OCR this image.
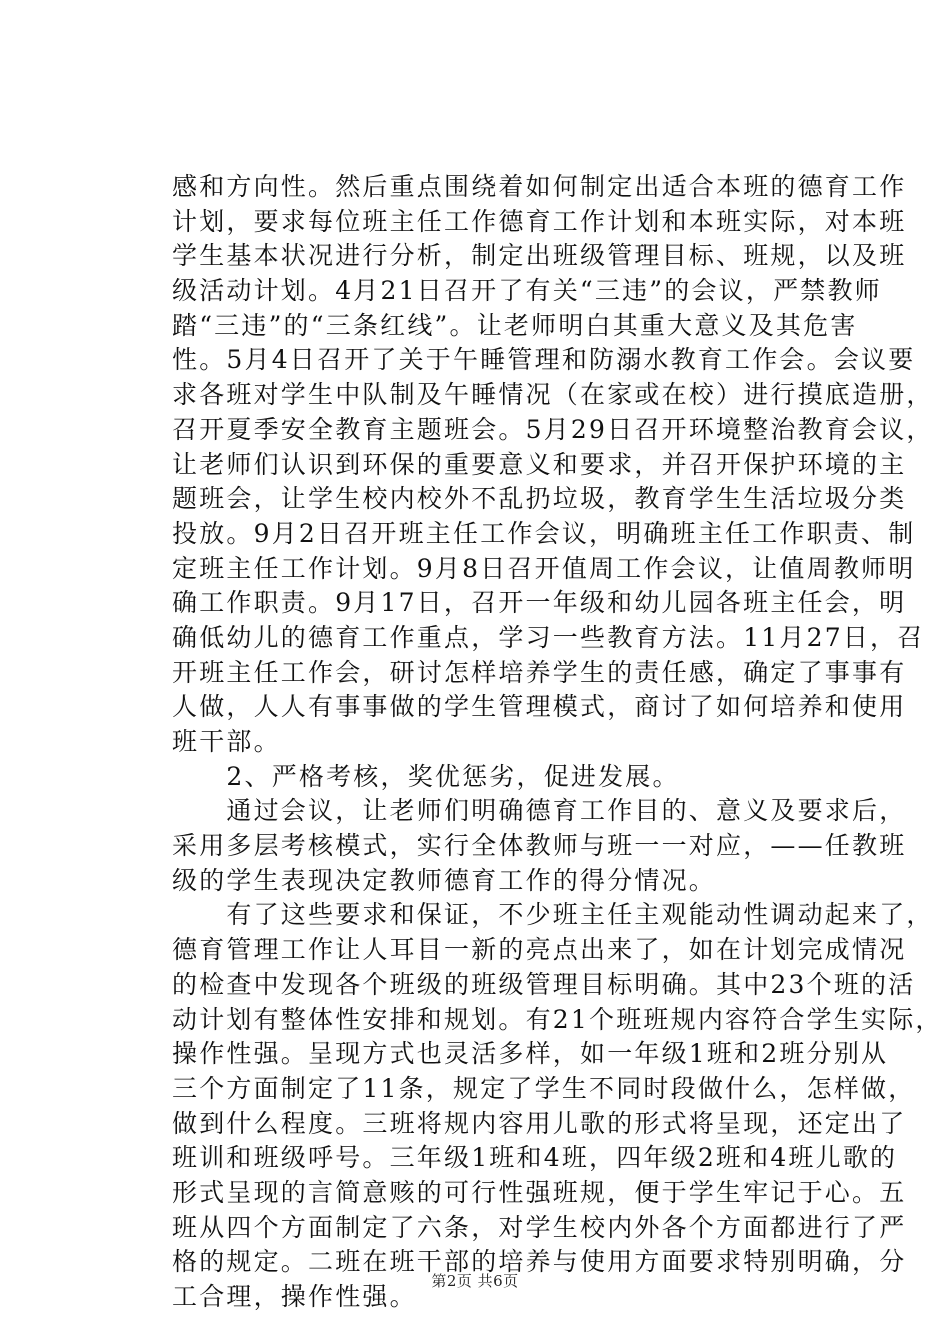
感和方向性。然后重点围绕着如何制定出适合本班的德育工作
计划，要求每位班主任工作德育工作计划和本班实际，对本班
学生基本状况进行分析，制定出班级管理目标、班规，以及班
级活动计划。4月21日召开了有关“三违”的会议，严禁教师
踏“三违”的“三条红线”。让老师明白其重大意义及其危害
性。5月4日召开了关于午睡管理和防溺水教育工作会。会议要
求各班对学生中队制及午睡情况（在家或在校）进行摸底造册，
召开夏季安全教育主题班会。5月29日召开环境整治教育会议，
让老师们认识到环保的重要意义和要求，并召开保护环境的主
题班会，让学生校内校外不乱扔垃圾，教育学生生活垃圾分类
投放。9月2日召开班主任工作会议，明确班主任工作职责、制
定班主任工作计划。9月8日召开值周工作会议，让值周教师明
确工作职责。9月17日，召开一年级和幼儿园各班主任会，明
确低幼儿的德育工作重点，学习一些教育方法。11月27日，召
开班主任工作会，研讨怎样培养学生的责任感，确定了事事有
人做，人人有事事做的学生管理模式，商讨了如何培养和使用
班干部。
　　2、严格考核，奖优惩劣，促进发展。
　　通过会议，让老师们明确德育工作目的、意义及要求后，
采用多层考核模式，实行全体教师与班一一对应，——任教班
级的学生表现决定教师德育工作的得分情况。
　　有了这些要求和保证，不少班主任主观能动性调动起来了，
德育管理工作让人耳目一新的亮点出来了，如在计划完成情况
的检查中发现各个班级的班级管理目标明确。其中23个班的活
动计划有整体性安排和规划。有21个班班规内容符合学生实际，
操作性强。呈现方式也灵活多样，如一年级1班和2班分别从
三个方面制定了11条，规定了学生不同时段做什么，怎样做，
做到什么程度。三班将规内容用儿歌的形式将呈现，还定出了
班训和班级呼号。三年级1班和4班，四年级2班和4班儿歌的
形式呈现的言简意赅的可行性强班规，便于学生牢记于心。五
班从四个方面制定了六条，对学生校内外各个方面都进行了严
格的规定。二班在班干部的培养与使用方面要求特别明确，分
工合理，操作性强。
第2页 共6页
